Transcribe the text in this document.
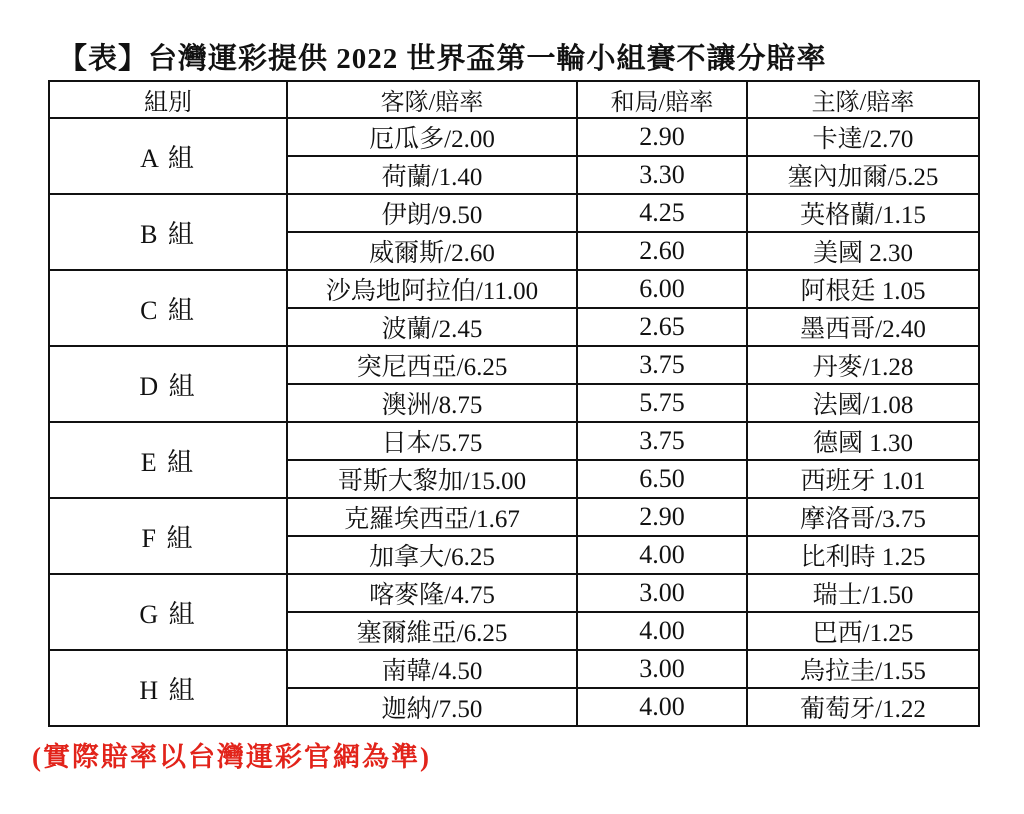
【表】台灣運彩提供 2022 世界盃第一輪小組賽不讓分賠率
組別	客隊/賠率	和局/賠率	主隊/賠率
A 組	厄瓜多/2.00	2.90	卡達/2.70
	荷蘭/1.40	3.30	塞內加爾/5.25
B 組	伊朗/9.50	4.25	英格蘭/1.15
	威爾斯/2.60	2.60	美國 2.30
C 組	沙烏地阿拉伯/11.00	6.00	阿根廷 1.05
	波蘭/2.45	2.65	墨西哥/2.40
D 組	突尼西亞/6.25	3.75	丹麥/1.28
	澳洲/8.75	5.75	法國/1.08
E 組	日本/5.75	3.75	德國 1.30
	哥斯大黎加/15.00	6.50	西班牙 1.01
F 組	克羅埃西亞/1.67	2.90	摩洛哥/3.75
	加拿大/6.25	4.00	比利時 1.25
G 組	喀麥隆/4.75	3.00	瑞士/1.50
	塞爾維亞/6.25	4.00	巴西/1.25
H 組	南韓/4.50	3.00	烏拉圭/1.55
	迦納/7.50	4.00	葡萄牙/1.22
(實際賠率以台灣運彩官網為準)
